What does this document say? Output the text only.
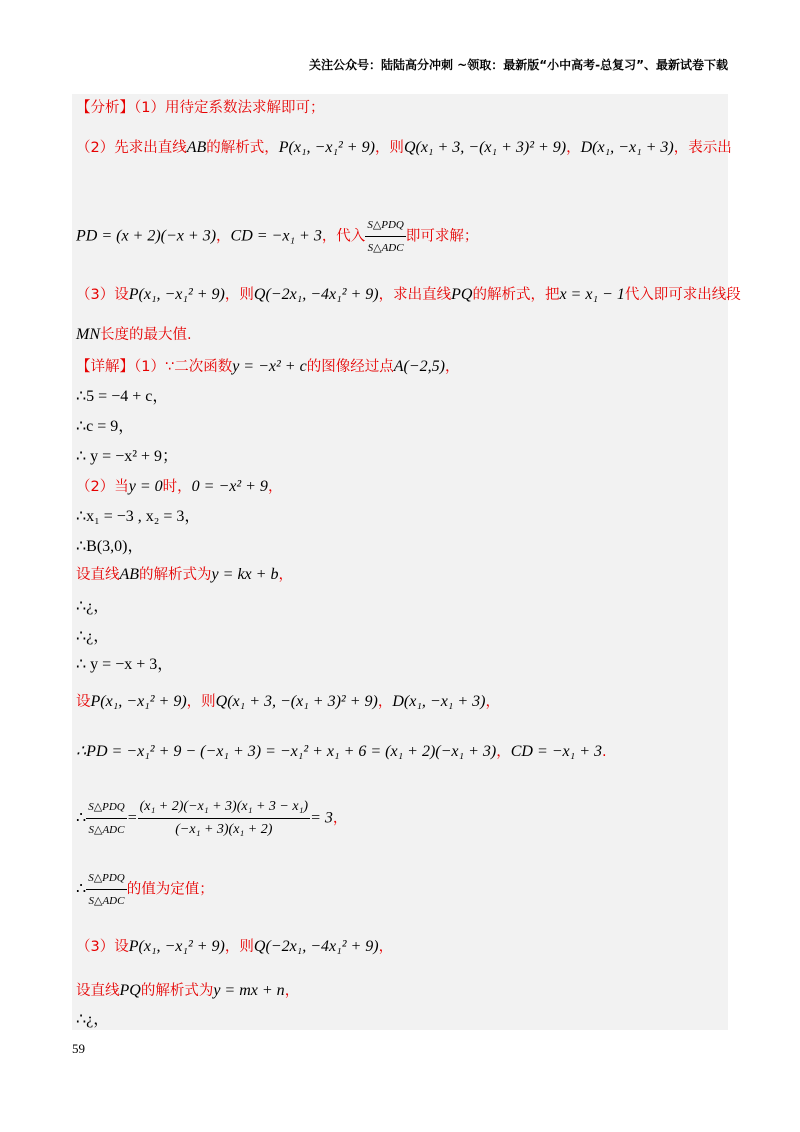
关注公众号：陆陆高分冲刺 ~领取：最新版“小中高考-总复习”、最新试卷下载
【分析】（1）用待定系数法求解即可；
（2）先求出直线AB的解析式，P(x₁, −x₁² + 9)，则Q(x₁ + 3, −(x₁ + 3)² + 9)，D(x₁, −x₁ + 3)，表示出
PD = (x + 2)(−x + 3)，CD = −x₁ + 3，代入 $\frac{\text{S△PDQ}}{\text{S△ADC}}$ 即可求解；
（3）设P(x₁, −x₁² + 9)，则Q(−2x₁, −4x₁² + 9)，求出直线PQ的解析式，把x = x₁ − 1代入即可求出线段
MN长度的最大值.
【详解】（1）∵二次函数y = −x² + c的图像经过点A(−2,5)，
∴5 = −4 + c，
∴c = 9，
∴ y = −x² + 9；
（2）当y = 0时，0 = −x² + 9，
∴x₁ = −3 , x₂ = 3，
∴B(3,0)，
设直线AB的解析式为y = kx + b，
∴¿，
∴¿，
∴ y = −x + 3，
设P(x₁, −x₁² + 9)，则Q(x₁ + 3, −(x₁ + 3)² + 9)，D(x₁, −x₁ + 3)，
∴PD = −x₁² + 9 − (−x₁ + 3) = −x₁² + x₁ + 6 = (x₁ + 2)(−x₁ + 3)，CD = −x₁ + 3.
∴ $\frac{\text{S△PDQ}}{\text{S△ADC}} = \frac{\text{(x₁ + 2)(−x₁ + 3)(x₁ + 3 − x₁)}}{\text{(−x₁ + 3)(x₁ + 2)}} = 3$，
∴ $\frac{\text{S△PDQ}}{\text{S△ADC}}$ 的值为定值；
（3）设P(x₁, −x₁² + 9)，则Q(−2x₁, −4x₁² + 9)，
设直线PQ的解析式为y = mx + n，
∴¿，
59
